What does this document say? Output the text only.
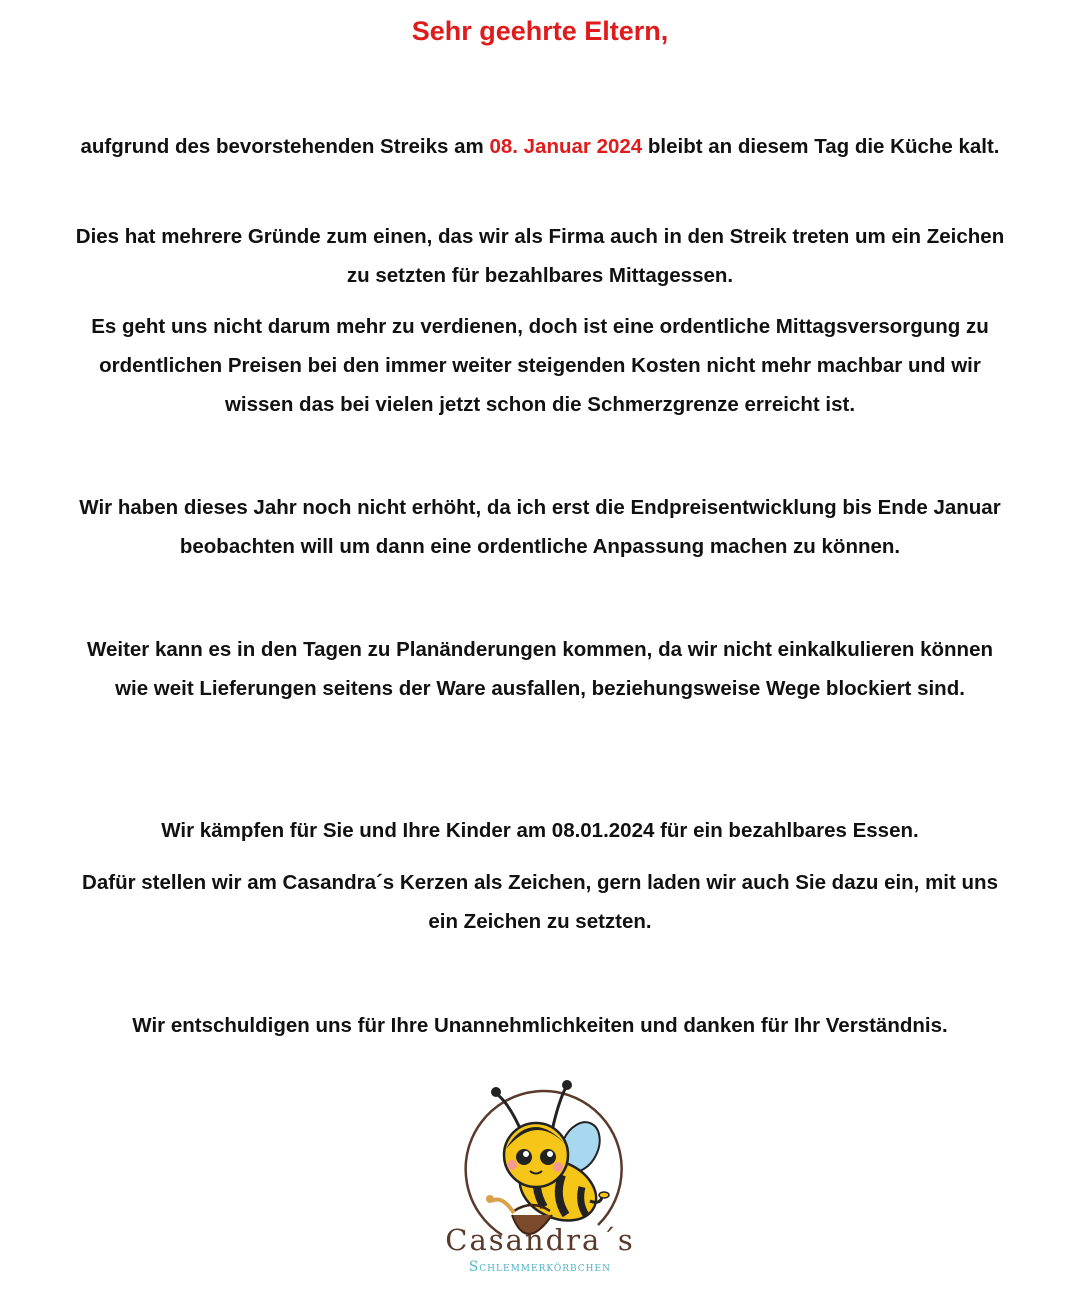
Sehr geehrte Eltern,

aufgrund des bevorstehenden Streiks am 08. Januar 2024 bleibt an diesem Tag die Küche kalt.

Dies hat mehrere Gründe zum einen, das wir als Firma auch in den Streik treten um ein Zeichen zu setzten für bezahlbares Mittagessen.

Es geht uns nicht darum mehr zu verdienen, doch ist eine ordentliche Mittagsversorgung zu ordentlichen Preisen bei den immer weiter steigenden Kosten nicht mehr machbar und wir wissen das bei vielen jetzt schon die Schmerzgrenze erreicht ist.

Wir haben dieses Jahr noch nicht erhöht, da ich erst die Endpreisentwicklung bis Ende Januar beobachten will um dann eine ordentliche Anpassung machen zu können.

Weiter kann es in den Tagen zu Planänderungen kommen, da wir nicht einkalkulieren können wie weit Lieferungen seitens der Ware ausfallen, beziehungsweise Wege blockiert sind.

Wir kämpfen für Sie und Ihre Kinder am 08.01.2024 für ein bezahlbares Essen.

Dafür stellen wir am Casandra´s Kerzen als Zeichen, gern laden wir auch Sie dazu ein, mit uns ein Zeichen zu setzten.

Wir entschuldigen uns für Ihre Unannehmlichkeiten und danken für Ihr Verständnis.

Casandra´s

Schlemmerkörbchen
